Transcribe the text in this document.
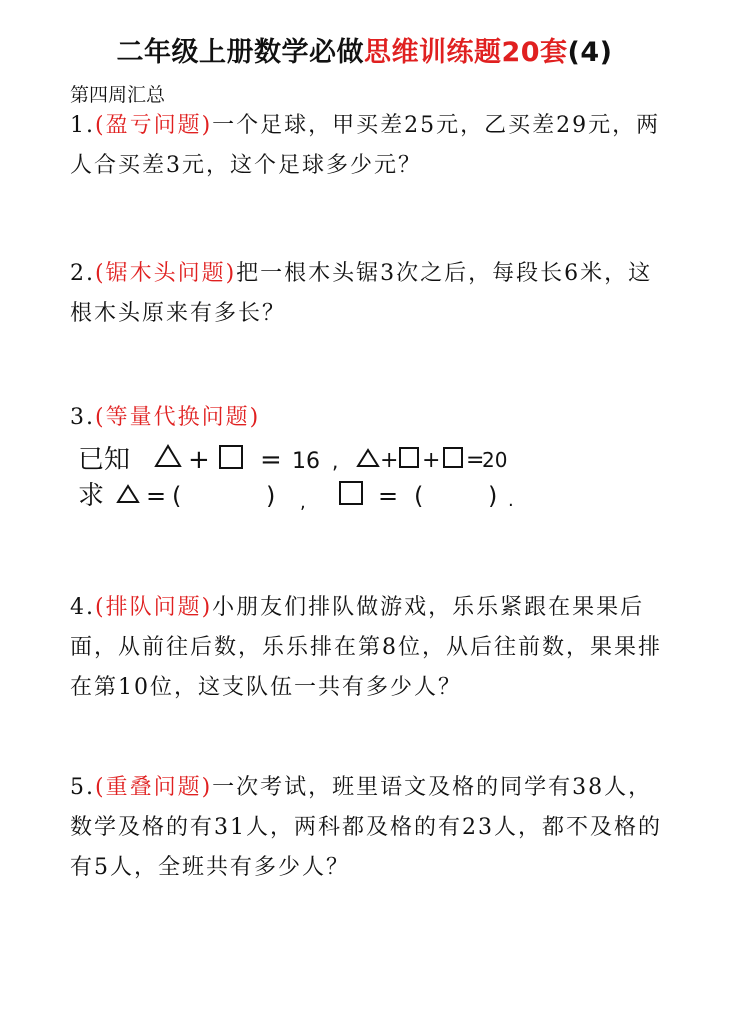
二年级上册数学必做思维训练题20套(4)
第四周汇总
1.(盈亏问题)一个足球，甲买差25元，乙买差29元，两人合买差3元，这个足球多少元？
2.(锯木头问题)把一根木头锯3次之后，每段长6米，这根木头原来有多长？
3.(等量代换问题)
已知 + = 16 , + + =
20
求 = (	) ,	= (	) .
4.(排队问题)小朋友们排队做游戏，乐乐紧跟在果果后面，从前往后数，乐乐排在第8位，从后往前数，果果排在第10位，这支队伍一共有多少人？
5.(重叠问题)一次考试，班里语文及格的同学有38人，数学及格的有31人，两科都及格的有23人，都不及格的有5人，全班共有多少人？
